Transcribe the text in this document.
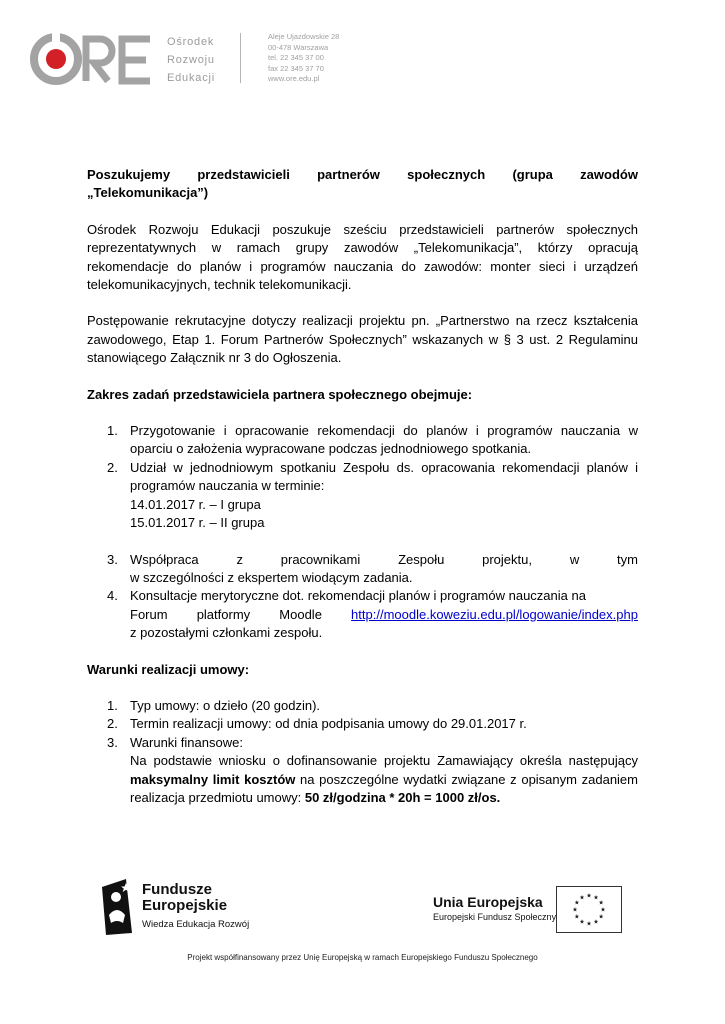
Ośrodek
Rozwoju
Edukacji
Aleje Ujazdowskie 28
00-478 Warszawa
tel. 22 345 37 00
fax 22 345 37 70
www.ore.edu.pl
Poszukujemy przedstawicieli partnerów społecznych (grupa zawodów
„Telekomunikacja”)

Ośrodek Rozwoju Edukacji poszukuje sześciu przedstawicieli partnerów społecznych reprezentatywnych w ramach grupy zawodów „Telekomunikacja”, którzy opracują rekomendacje do planów i programów nauczania do zawodów: monter sieci i urządzeń telekomunikacyjnych, technik telekomunikacji.

Postępowanie rekrutacyjne dotyczy realizacji projektu pn. „Partnerstwo na rzecz kształcenia zawodowego, Etap 1. Forum Partnerów Społecznych” wskazanych w § 3 ust. 2 Regulaminu stanowiącego Załącznik nr 3 do Ogłoszenia.

Zakres zadań przedstawiciela partnera społecznego obejmuje:

1. Przygotowanie i opracowanie rekomendacji do planów i programów nauczania w oparciu o założenia wypracowane podczas jednodniowego spotkania.
2. Udział w jednodniowym spotkaniu Zespołu ds. opracowania rekomendacji planów i programów nauczania w terminie:
14.01.2017 r. – I grupa
15.01.2017 r. – II grupa
3. Współpraca	z	pracownikami	Zespołu	projektu,	w	tym
w szczególności z ekspertem wiodącym zadania.
4. Konsultacje merytoryczne dot. rekomendacji planów i programów nauczania na
Forum platformy Moodle http://moodle.koweziu.edu.pl/logowanie/index.php
z pozostałymi członkami zespołu.

Warunki realizacji umowy:

1. Typ umowy: o dzieło (20 godzin).
2. Termin realizacji umowy: od dnia podpisania umowy do 29.01.2017 r.
3. Warunki finansowe:
Na podstawie wniosku o dofinansowanie projektu Zamawiający określa następujący maksymalny limit kosztów na poszczególne wydatki związane z opisanym zadaniem realizacja przedmiotu umowy: 50 zł/godzina * 20h = 1000 zł/os.
Fundusze
Europejskie
Wiedza Edukacja Rozwój
Unia Europejska
Europejski Fundusz Społeczny
Projekt współfinansowany przez Unię Europejską w ramach Europejskiego Funduszu Społecznego
